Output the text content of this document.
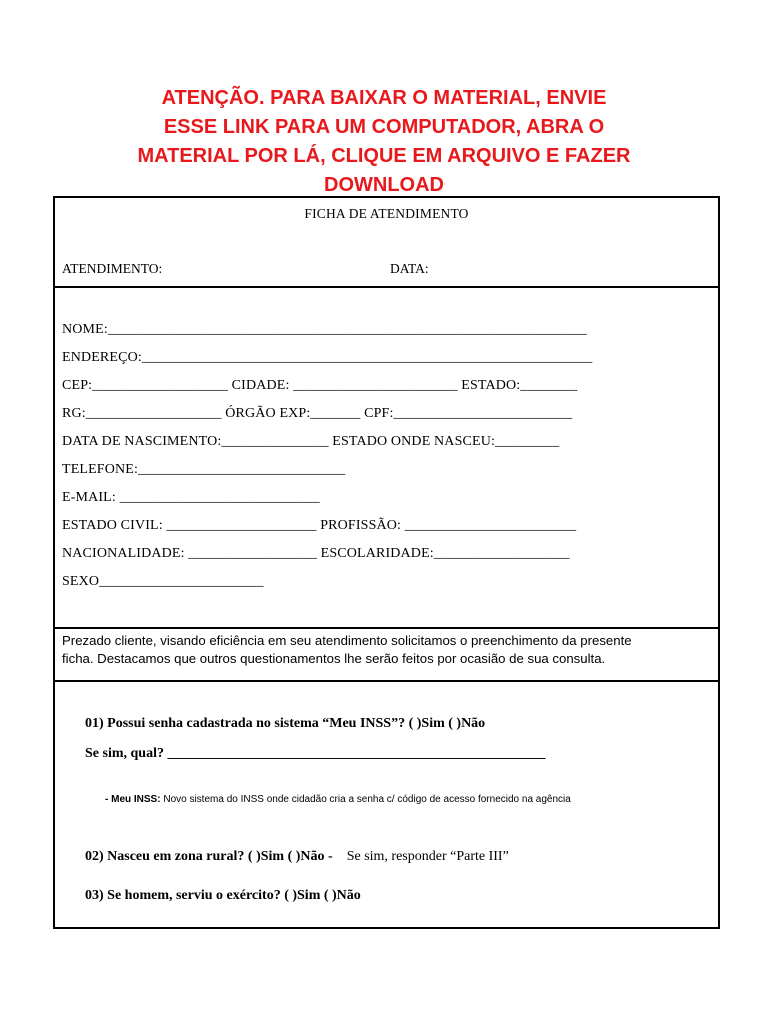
ATENÇÃO. PARA BAIXAR O MATERIAL, ENVIE
ESSE LINK PARA UM COMPUTADOR, ABRA O
MATERIAL POR LÁ, CLIQUE EM ARQUIVO E FAZER
DOWNLOAD
FICHA DE ATENDIMENTO
ATENDIMENTO:	DATA:
NOME:___________________________________________________________________
ENDEREÇO:_______________________________________________________________
CEP:___________________ CIDADE: _______________________ ESTADO:________
RG:___________________ ÓRGÃO EXP:_______ CPF:_________________________
DATA DE NASCIMENTO:_______________ ESTADO ONDE NASCEU:_________
TELEFONE:_____________________________
E-MAIL: ____________________________
ESTADO CIVIL: _____________________ PROFISSÃO: ________________________
NACIONALIDADE: __________________ ESCOLARIDADE:___________________
SEXO_______________________
Prezado cliente, visando eficiência em seu atendimento solicitamos o preenchimento da presente
ficha. Destacamos que outros questionamentos lhe serão feitos por ocasião de sua consulta.
01) Possui senha cadastrada no sistema “Meu INSS”? ( )Sim ( )Não
Se sim, qual? ______________________________________________________
- Meu INSS: Novo sistema do INSS onde cidadão cria a senha c/ código de acesso fornecido na agência
02) Nasceu em zona rural? ( )Sim ( )Não - Se sim, responder “Parte III”
03) Se homem, serviu o exército? ( )Sim ( )Não
